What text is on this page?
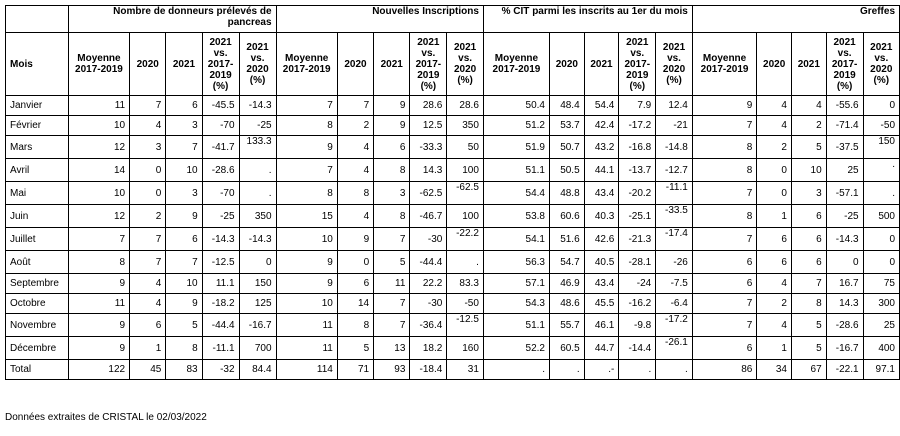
	Nombre de donneurs prélevés de pancreas					Nouvelles Inscriptions					% CIT parmi les inscrits au 1er du mois					Greffes				
Mois	Moyenne 2017-2019	2020	2021	2021 vs. 2017-2019 (%)	2021 vs. 2020 (%)	Moyenne 2017-2019	2020	2021	2021 vs. 2017-2019 (%)	2021 vs. 2020 (%)	Moyenne 2017-2019	2020	2021	2021 vs. 2017-2019 (%)	2021 vs. 2020 (%)	Moyenne 2017-2019	2020	2021	2021 vs. 2017-2019 (%)	2021 vs. 2020 (%)
Janvier	11	7	6	-45.5	-14.3	7	7	9	28.6	28.6	50.4	48.4	54.4	7.9	12.4	9	4	4	-55.6	0
Février	10	4	3	-70	-25	8	2	9	12.5	350	51.2	53.7	42.4	-17.2	-21	7	4	2	-71.4	-50
Mars	12	3	7	-41.7	133.3	9	4	6	-33.3	50	51.9	50.7	43.2	-16.8	-14.8	8	2	5	-37.5	150
Avril	14	0	10	-28.6	.	7	4	8	14.3	100	51.1	50.5	44.1	-13.7	-12.7	8	0	10	25	.
Mai	10	0	3	-70	.	8	8	3	-62.5	-62.5	54.4	48.8	43.4	-20.2	-11.1	7	0	3	-57.1	.
Juin	12	2	9	-25	350	15	4	8	-46.7	100	53.8	60.6	40.3	-25.1	-33.5	8	1	6	-25	500
Juillet	7	7	6	-14.3	-14.3	10	9	7	-30	-22.2	54.1	51.6	42.6	-21.3	-17.4	7	6	6	-14.3	0
Août	8	7	7	-12.5	0	9	0	5	-44.4	.	56.3	54.7	40.5	-28.1	-26	6	6	6	0	0
Septembre	9	4	10	11.1	150	9	6	11	22.2	83.3	57.1	46.9	43.4	-24	-7.5	6	4	7	16.7	75
Octobre	11	4	9	-18.2	125	10	14	7	-30	-50	54.3	48.6	45.5	-16.2	-6.4	7	2	8	14.3	300
Novembre	9	6	5	-44.4	-16.7	11	8	7	-36.4	-12.5	51.1	55.7	46.1	-9.8	-17.2	7	4	5	-28.6	25
Décembre	9	1	8	-11.1	700	11	5	13	18.2	160	52.2	60.5	44.7	-14.4	-26.1	6	1	5	-16.7	400
Total	122	45	83	-32	84.4	114	71	93	-18.4	31	.	.	.-	.	.	86	34	67	-22.1	97.1
Données extraites de CRISTAL le 02/03/2022
